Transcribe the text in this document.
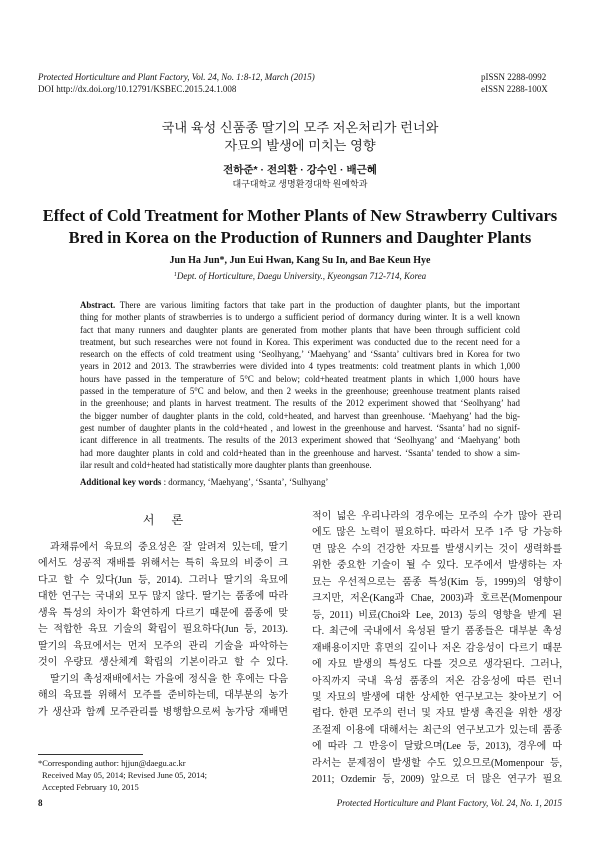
Protected Horticulture and Plant Factory, Vol. 24, No. 1:8-12, March (2015)
DOI http://dx.doi.org/10.12791/KSBEC.2015.24.1.008
pISSN 2288-0992
eISSN 2288-100X
국내 육성 신품종 딸기의 모주 저온처리가 런너와
자묘의 발생에 미치는 영향
전하준* · 전의환 · 강수인 · 배근혜
대구대학교 생명환경대학 원예학과
Effect of Cold Treatment for Mother Plants of New Strawberry Cultivars
Bred in Korea on the Production of Runners and Daughter Plants
Jun Ha Jun*, Jun Eui Hwan, Kang Su In, and Bae Keun Hye
$^1$Dept. of Horticulture, Daegu University., Kyeongsan 712-714, Korea
Abstract. There are various limiting factors that take part in the production of daughter plants, but the important
thing for mother plants of strawberries is to undergo a sufficient period of dormancy during winter. It is a well known
fact that many runners and daughter plants are generated from mother plants that have been through sufficient cold
treatment, but such researches were not found in Korea. This experiment was conducted due to the recent need for a
research on the effects of cold treatment using ‘Seolhyang,’ ‘Maehyang’ and ‘Ssanta’ cultivars bred in Korea for two
years in 2012 and 2013. The strawberries were divided into 4 types treatments: cold treatment plants in which 1,000
hours have passed in the temperature of 5°C and below; cold+heated treatment plants in which 1,000 hours have
passed in the temperature of 5°C and below, and then 2 weeks in the greenhouse; greenhouse treatment plants raised
in the greenhouse; and plants in harvest treatment. The results of the 2012 experiment showed that ‘Seolhyang’ had
the bigger number of daughter plants in the cold, cold+heated, and harvest than greenhouse. ‘Maehyang’ had the big-
gest number of daughter plants in the cold+heated , and lowest in the greenhouse and harvest. ‘Ssanta’ had no signif-
icant difference in all treatments. The results of the 2013 experiment showed that ‘Seolhyang’ and ‘Maehyang’ both
had more daughter plants in cold and cold+heated than in the greenhouse and harvest. ‘Ssanta’ tended to show a sim-
ilar result and cold+heated had statistically more daughter plants than greenhouse.
Additional key words : dormancy, ‘Maehyang’, ‘Ssanta’, ‘Sulhyang’
서 론
과채류에서 육묘의 중요성은 잘 알려져 있는데, 딸기
에서도 성공적 재배를 위해서는 특히 육묘의 비중이 크
다고 할 수 있다(Jun 등, 2014). 그러나 딸기의 육묘에
대한 연구는 국내외 모두 많지 않다. 딸기는 품종에 따라
생육 특성의 차이가 확연하게 다르기 때문에 품종에 맞
는 적합한 육묘 기술의 확립이 필요하다(Jun 등, 2013).
딸기의 육묘에서는 먼저 모주의 관리 기술을 파악하는
것이 우량묘 생산체계 확립의 기본이라고 할 수 있다.
딸기의 촉성재배에서는 가을에 정식을 한 후에는 다음
해의 육묘를 위해서 모주를 준비하는데, 대부분의 농가
가 생산과 함께 모주관리를 병행함으로써 농가당 재배면
적이 넓은 우리나라의 경우에는 모주의 수가 많아 관리
에도 많은 노력이 필요하다. 따라서 모주 1주 당 가능하
면 많은 수의 건강한 자묘를 발생시키는 것이 생력화를
위한 중요한 기술이 될 수 있다. 모주에서 발생하는 자
묘는 우선적으로는 품종 특성(Kim 등, 1999)의 영향이
크지만, 저온(Kang과 Chae, 2003)과 호르몬(Momenpour
등, 2011) 비료(Choi와 Lee, 2013) 등의 영향을 받게 된
다. 최근에 국내에서 육성된 딸기 품종들은 대부분 촉성
재배용이지만 휴면의 깊이나 저온 감응성이 다르기 때문
에 자묘 발생의 특성도 다를 것으로 생각된다. 그러나,
아직까지 국내 육성 품종의 저온 감응성에 따른 런너
및 자묘의 발생에 대한 상세한 연구보고는 찾아보기 어
렵다. 한편 모주의 런너 및 자묘 발생 촉진을 위한 생장
조절제 이용에 대해서는 최근의 연구보고가 있는데 품종
에 따라 그 반응이 달랐으며(Lee 등, 2013), 경우에 따
라서는 문제점이 발생할 수도 있으므로(Momenpour 등,
2011; Ozdemir 등, 2009) 앞으로 더 많은 연구가 필요
*Corresponding author: hjjun@daegu.ac.kr
Received May 05, 2014; Revised June 05, 2014;
Accepted February 10, 2015
8	Protected Horticulture and Plant Factory, Vol. 24, No. 1, 2015
